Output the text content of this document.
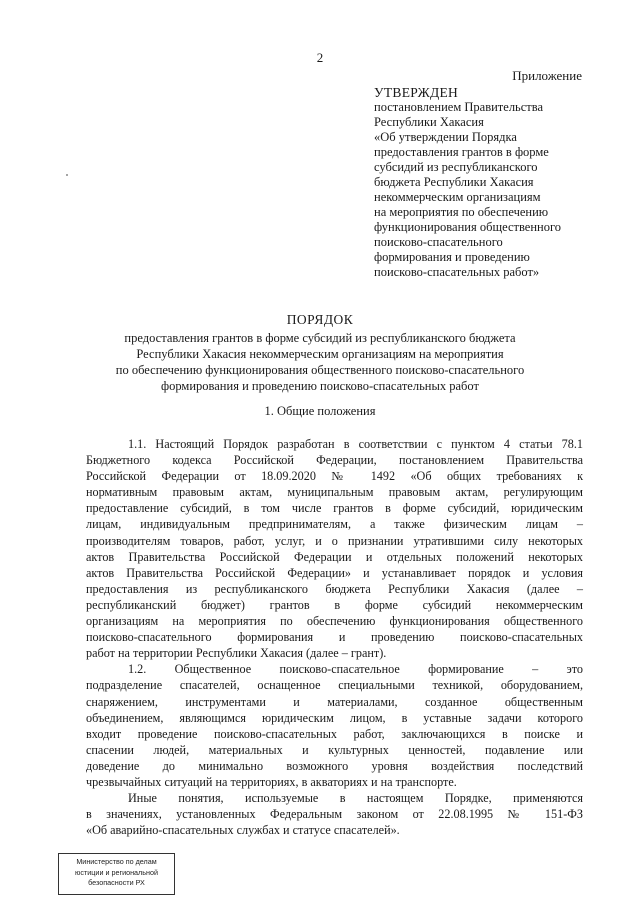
2
Приложение
УТВЕРЖДЕН
постановлением Правительства
Республики Хакасия
«Об утверждении Порядка
предоставления грантов в форме
субсидий из республиканского
бюджета Республики Хакасия
некоммерческим организациям
на мероприятия по обеспечению
функционирования общественного
поисково-спасательного
формирования и проведению
поисково-спасательных работ»
ПОРЯДОК
предоставления грантов в форме субсидий из республиканского бюджета
Республики Хакасия некоммерческим организациям на мероприятия
по обеспечению функционирования общественного поисково-спасательного
формирования и проведению поисково-спасательных работ
1. Общие положения
1.1. Настоящий Порядок разработан в соответствии с пунктом 4 статьи 78.1
Бюджетного кодекса Российской Федерации, постановлением Правительства
Российской Федерации от 18.09.2020 № 1492 «Об общих требованиях к
нормативным правовым актам, муниципальным правовым актам, регулирующим
предоставление субсидий, в том числе грантов в форме субсидий, юридическим
лицам, индивидуальным предпринимателям, а также физическим лицам –
производителям товаров, работ, услуг, и о признании утратившими силу некоторых
актов Правительства Российской Федерации и отдельных положений некоторых
актов Правительства Российской Федерации» и устанавливает порядок и условия
предоставления из республиканского бюджета Республики Хакасия (далее –
республиканский бюджет) грантов в форме субсидий некоммерческим
организациям на мероприятия по обеспечению функционирования общественного
поисково-спасательного формирования и проведению поисково-спасательных
работ на территории Республики Хакасия (далее – грант).
1.2. Общественное поисково-спасательное формирование – это
подразделение спасателей, оснащенное специальными техникой, оборудованием,
снаряжением, инструментами и материалами, созданное общественным
объединением, являющимся юридическим лицом, в уставные задачи которого
входит проведение поисково-спасательных работ, заключающихся в поиске и
спасении людей, материальных и культурных ценностей, подавление или
доведение до минимально возможного уровня воздействия последствий
чрезвычайных ситуаций на территориях, в акваториях и на транспорте.
Иные понятия, используемые в настоящем Порядке, применяются
в значениях, установленных Федеральным законом от 22.08.1995 № 151-ФЗ
«Об аварийно-спасательных службах и статусе спасателей».
Министерство по делам
юстиции и региональной
безопасности РХ
